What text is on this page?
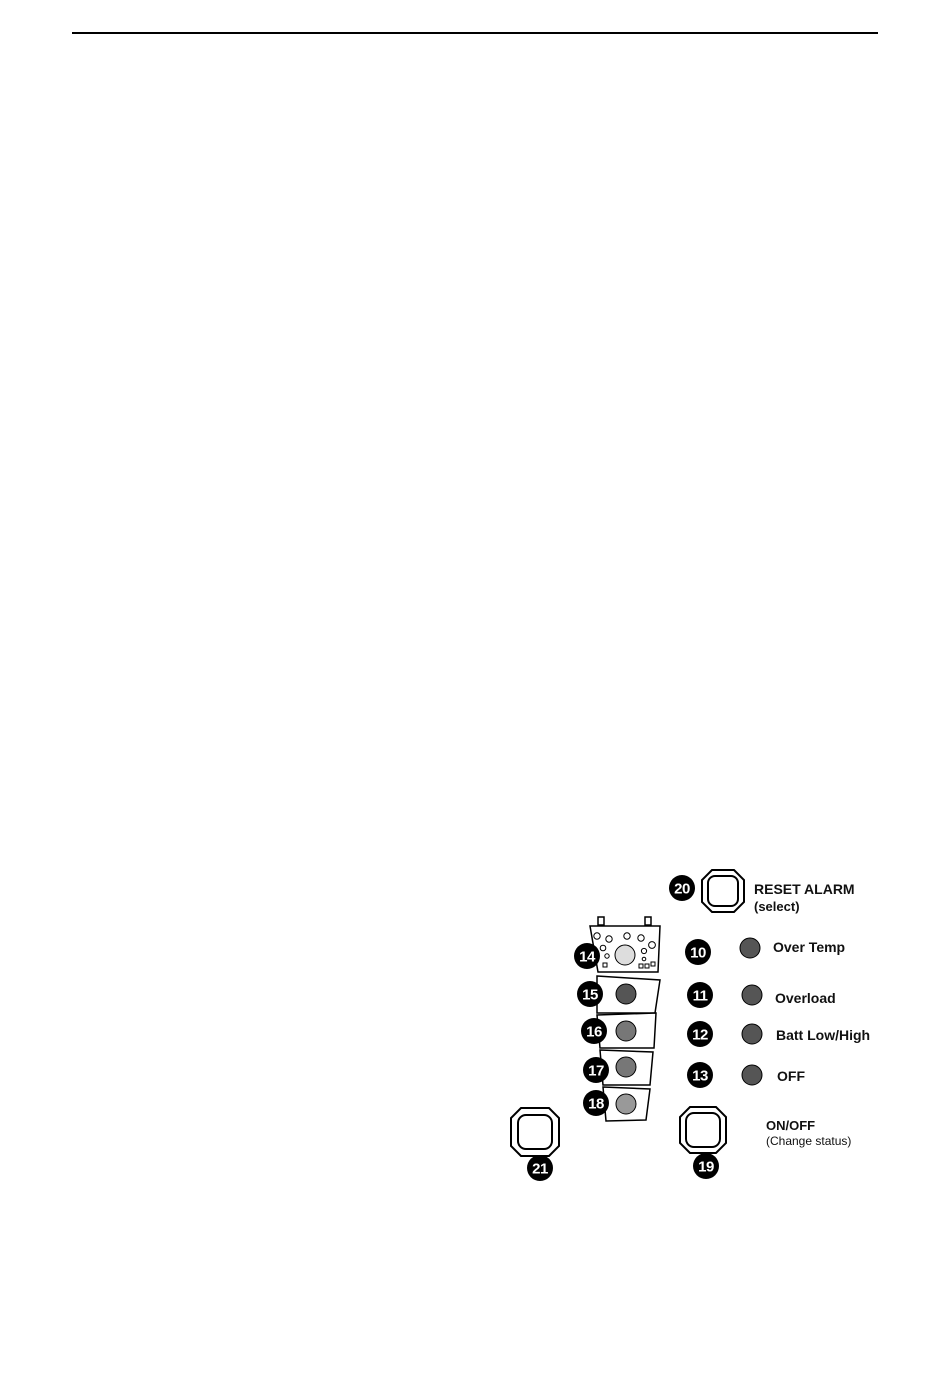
20	RESET ALARM
(select)
14
15
16
17
18
10	Over Temp
11	Overload
12	Batt Low/High
13	OFF
21	19
ON/OFF
(Change status)
